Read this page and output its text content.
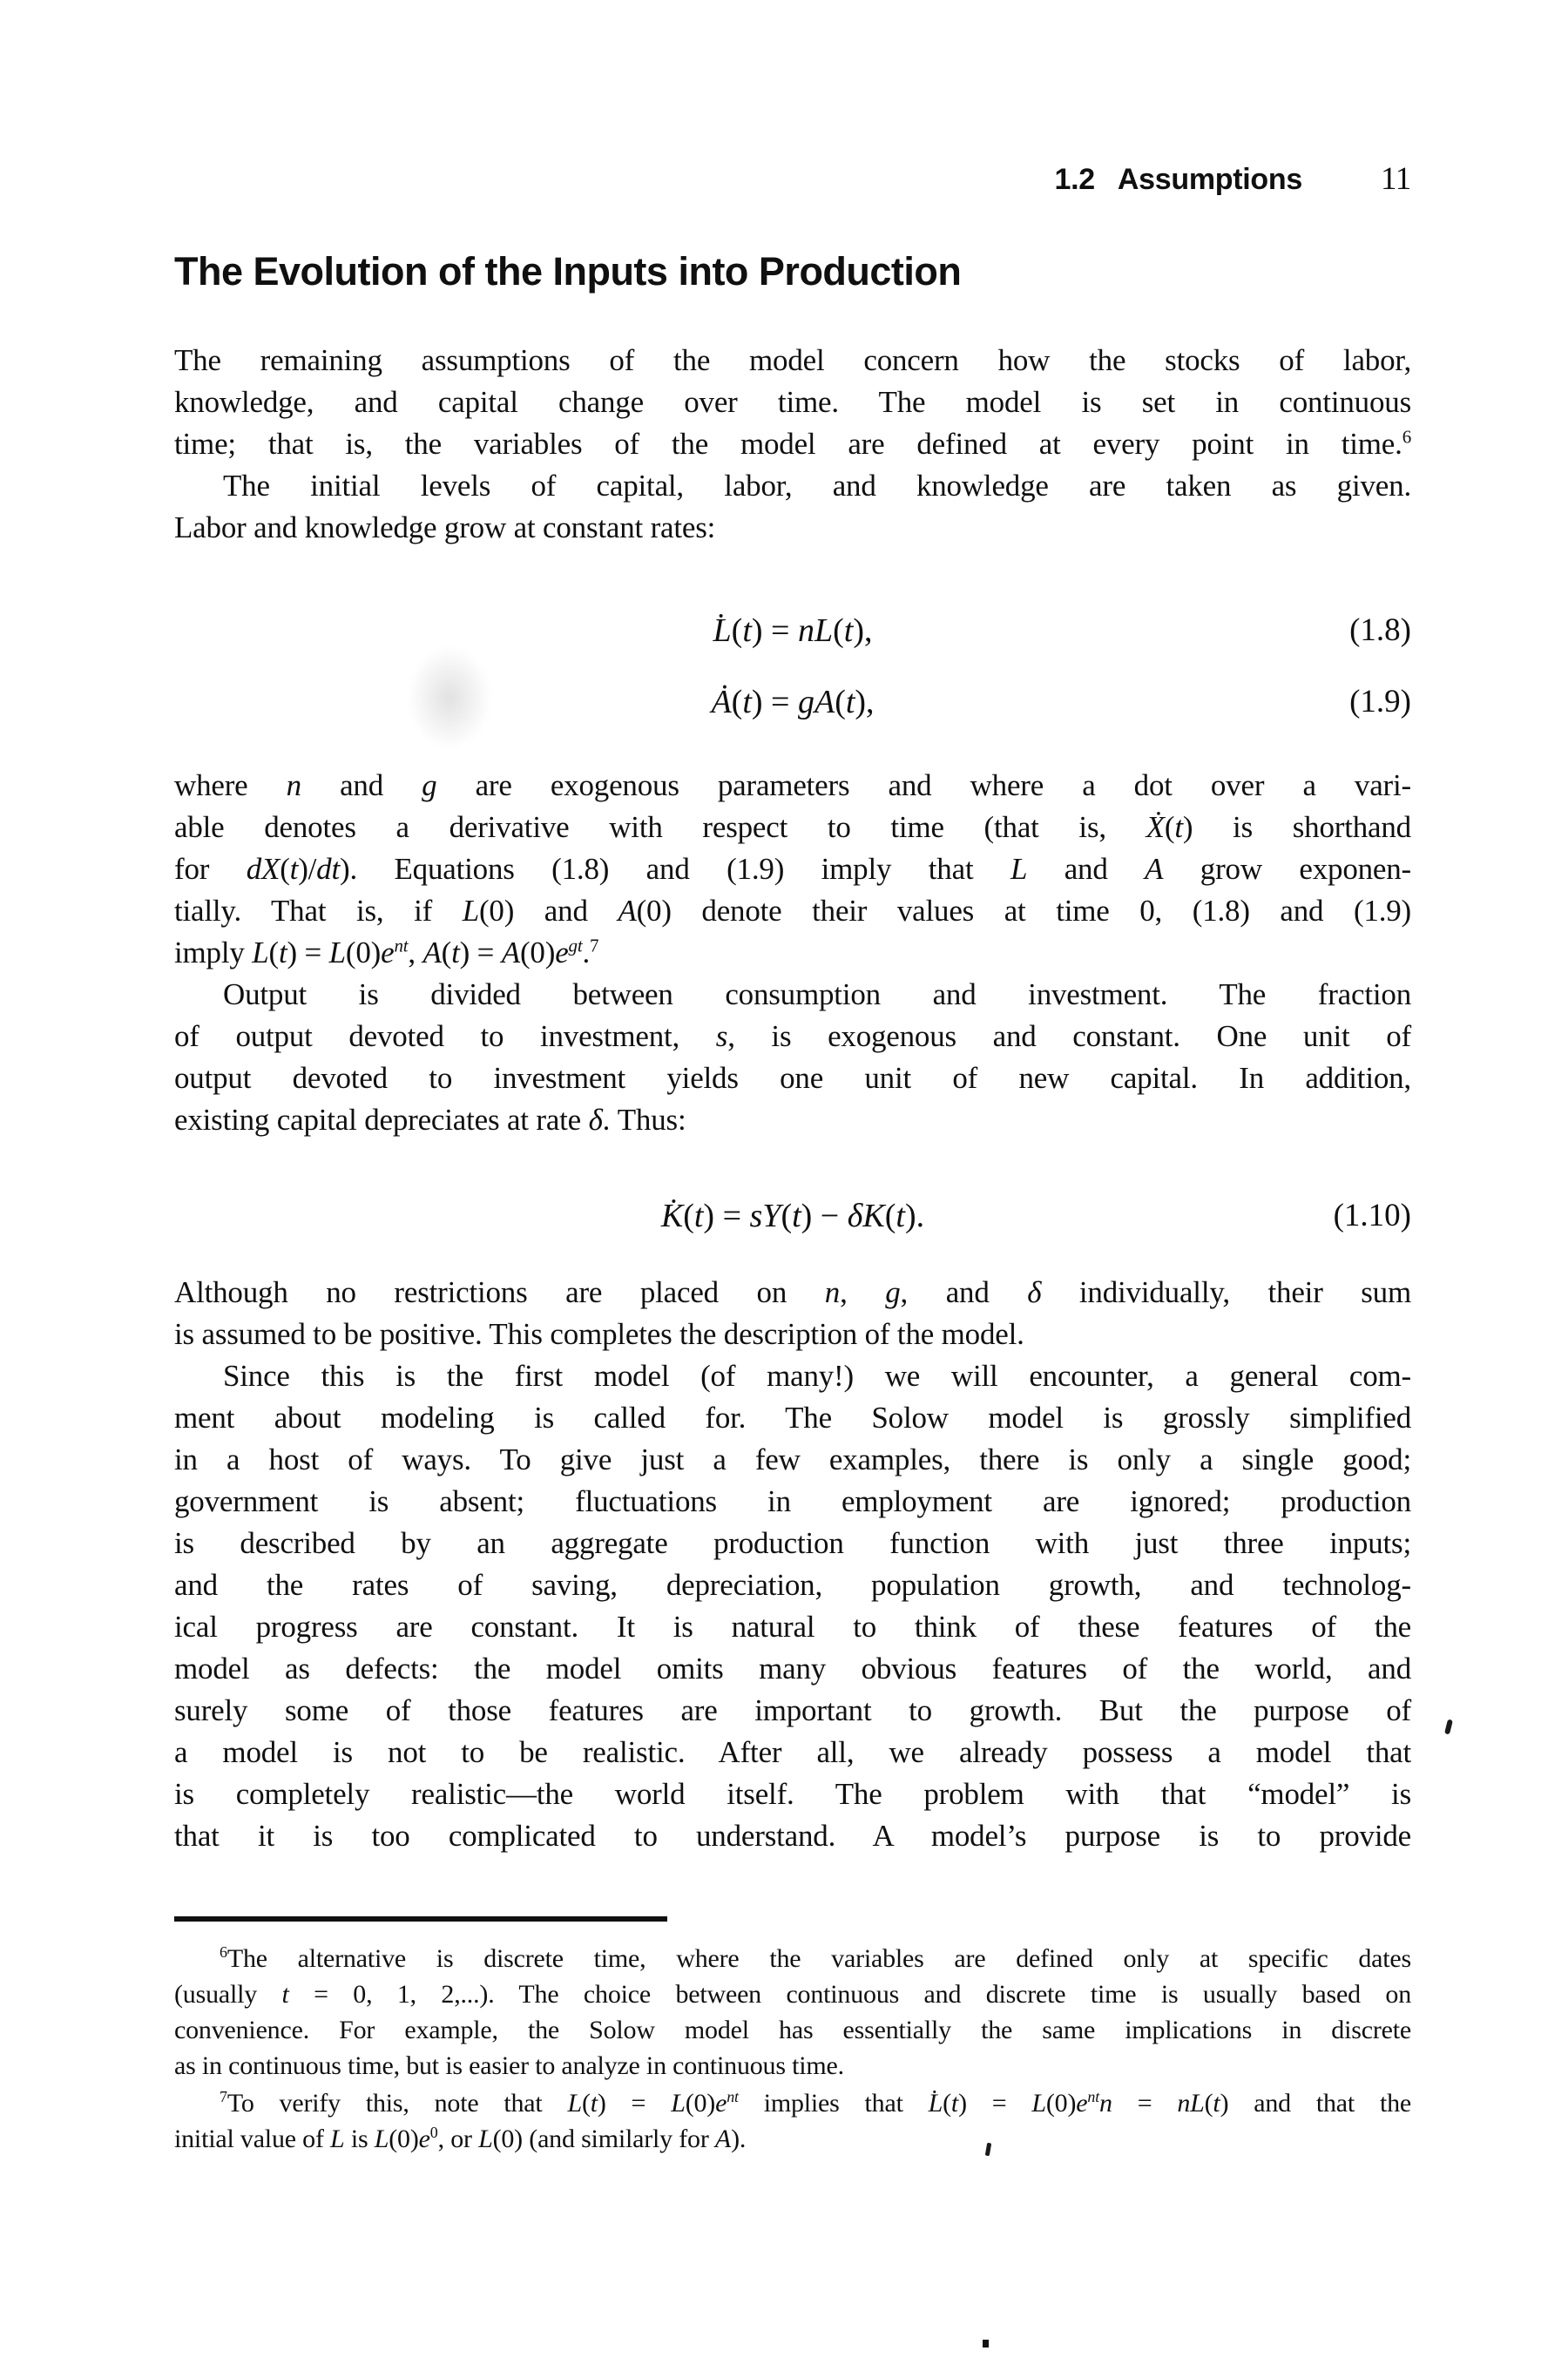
1.2 Assumptions 11
The Evolution of the Inputs into Production
The remaining assumptions of the model concern how the stocks of labor,
knowledge, and capital change over time. The model is set in continuous
time; that is, the variables of the model are defined at every point in time.$^6$
The initial levels of capital, labor, and knowledge are taken as given.
Labor and knowledge grow at constant rates:
L̇(t) = nL(t),	(1.8)
Ȧ(t) = gA(t),	(1.9)
where n and g are exogenous parameters and where a dot over a vari-
able denotes a derivative with respect to time (that is, Ẋ(t) is shorthand
for dX(t)/dt). Equations (1.8) and (1.9) imply that L and A grow exponen-
tially. That is, if L(0) and A(0) denote their values at time 0, (1.8) and (1.9)
imply $L(t) = L(0)e^{nt}$, $A(t) = A(0)e^{gt}.^7$
Output is divided between consumption and investment. The fraction
of output devoted to investment, s, is exogenous and constant. One unit of
output devoted to investment yields one unit of new capital. In addition,
existing capital depreciates at rate δ. Thus:
K̇(t) = sY(t) − δK(t).	(1.10)
Although no restrictions are placed on n, g, and δ individually, their sum
is assumed to be positive. This completes the description of the model.
Since this is the first model (of many!) we will encounter, a general com-
ment about modeling is called for. The Solow model is grossly simplified
in a host of ways. To give just a few examples, there is only a single good;
government is absent; fluctuations in employment are ignored; production
is described by an aggregate production function with just three inputs;
and the rates of saving, depreciation, population growth, and technolog-
ical progress are constant. It is natural to think of these features of the
model as defects: the model omits many obvious features of the world, and
surely some of those features are important to growth. But the purpose of
a model is not to be realistic. After all, we already possess a model that
is completely realistic—the world itself. The problem with that “model” is
that it is too complicated to understand. A model’s purpose is to provide
$^6$The alternative is discrete time, where the variables are defined only at specific dates
(usually t = 0, 1, 2,...). The choice between continuous and discrete time is usually based on
convenience. For example, the Solow model has essentially the same implications in discrete
as in continuous time, but is easier to analyze in continuous time.
$^7$To verify this, note that $L(t) = L(0)e^{nt}$ implies that L̇(t) = $L(0)e^{nt}n = nL(t)$ and that the
initial value of L is $L(0)e^0$, or L(0) (and similarly for A).
